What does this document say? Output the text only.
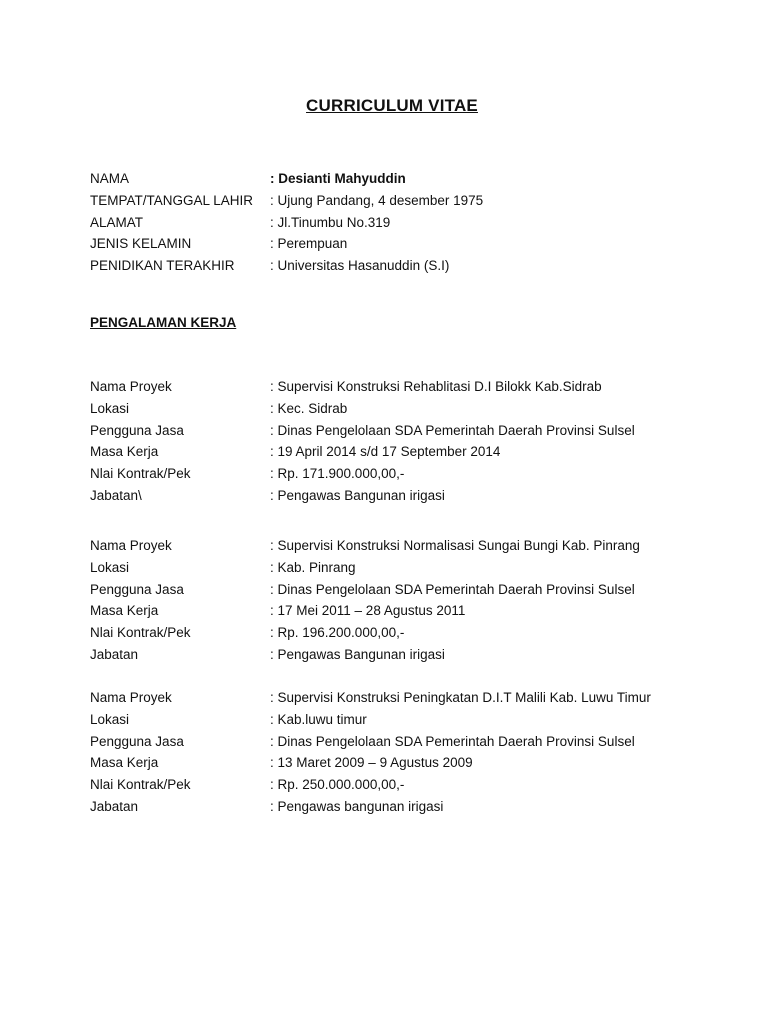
CURRICULUM VITAE
NAMA	: Desianti Mahyuddin
TEMPAT/TANGGAL LAHIR : Ujung Pandang, 4 desember 1975
ALAMAT	: Jl.Tinumbu No.319
JENIS KELAMIN	: Perempuan
PENIDIKAN TERAKHIR	: Universitas Hasanuddin (S.I)
PENGALAMAN KERJA
Nama Proyek	: Supervisi Konstruksi Rehablitasi D.I Bilokk Kab.Sidrab
Lokasi	: Kec. Sidrab
Pengguna Jasa	: Dinas Pengelolaan SDA Pemerintah Daerah Provinsi Sulsel
Masa Kerja	: 19 April 2014 s/d 17 September 2014
Nlai Kontrak/Pek	: Rp. 171.900.000,00,-
Jabatan\	: Pengawas Bangunan irigasi
Nama Proyek	: Supervisi Konstruksi Normalisasi Sungai Bungi Kab. Pinrang
Lokasi	: Kab. Pinrang
Pengguna Jasa	: Dinas Pengelolaan SDA Pemerintah Daerah Provinsi Sulsel
Masa Kerja	: 17 Mei 2011 – 28 Agustus 2011
Nlai Kontrak/Pek	: Rp. 196.200.000,00,-
Jabatan	: Pengawas Bangunan irigasi
Nama Proyek	: Supervisi Konstruksi Peningkatan D.I.T Malili Kab. Luwu Timur
Lokasi	: Kab.luwu timur
Pengguna Jasa	: Dinas Pengelolaan SDA Pemerintah Daerah Provinsi Sulsel
Masa Kerja	: 13 Maret 2009 – 9 Agustus 2009
Nlai Kontrak/Pek	: Rp. 250.000.000,00,-
Jabatan	: Pengawas bangunan irigasi
